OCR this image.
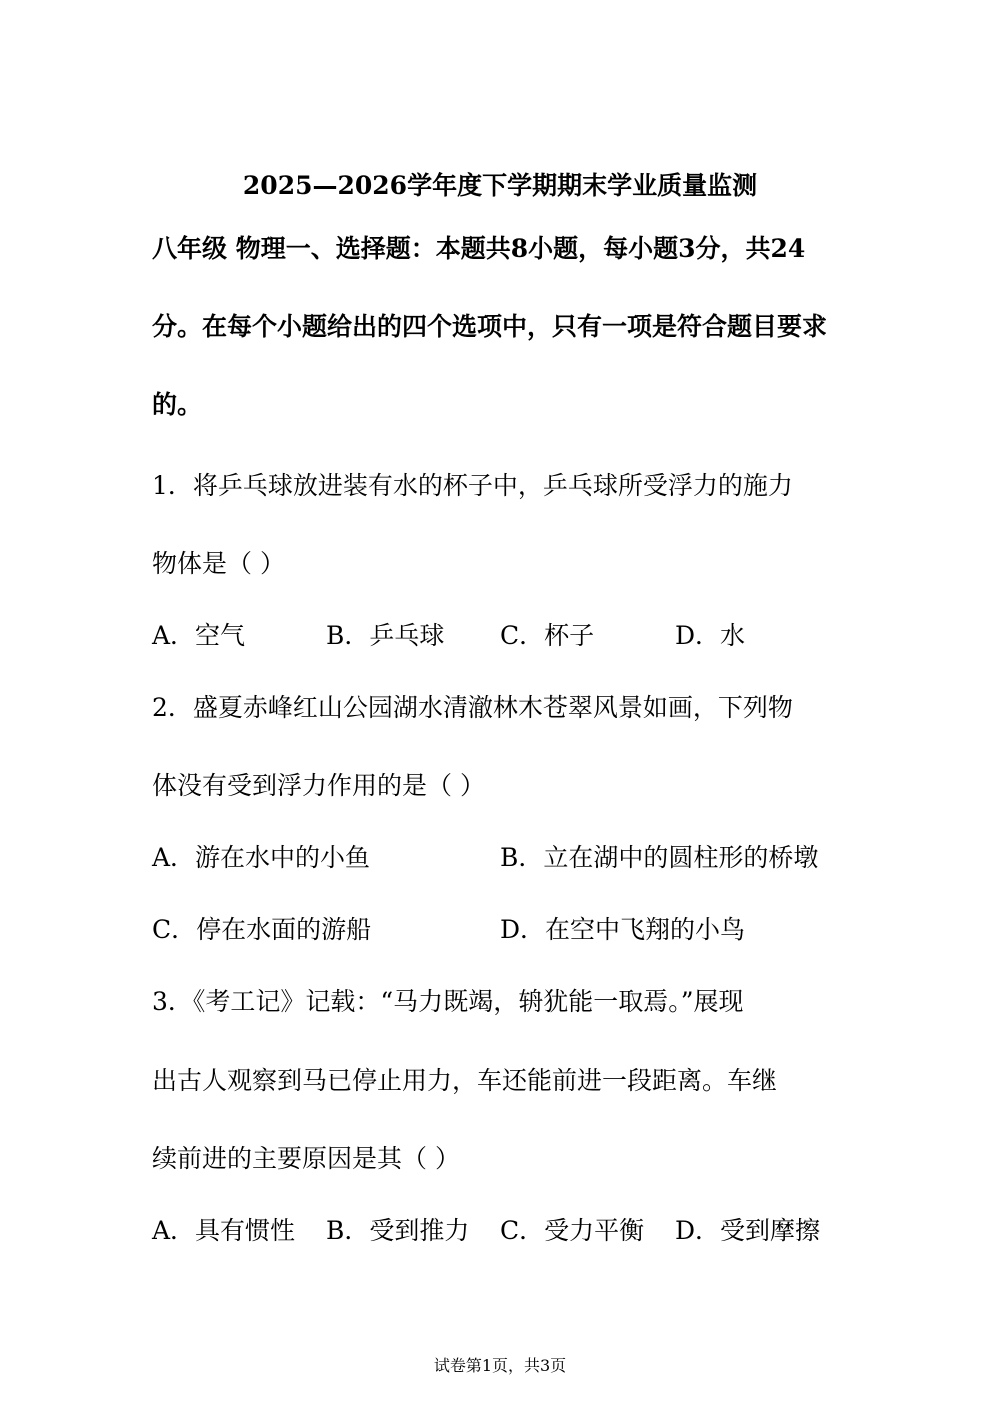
2025—2026学年度下学期期末学业质量监测
八年级 物理一、选择题：本题共8小题，每小题3分，共24分。在每个小题给出的四个选项中，只有一项是符合题目要求的。
1．将乒乓球放进装有水的杯子中，乒乓球所受浮力的施力
物体是（ ）
A．空气	B．乒乓球 C．杯子	D．水
2．盛夏赤峰红山公园湖水清澈林木苍翠风景如画，下列物
体没有受到浮力作用的是（ ）
A．游在水中的小鱼	B．立在湖中的圆柱形的桥墩
C．停在水面的游船	D．在空中飞翔的小鸟
3．《考工记》记载：“马力既竭，辀犹能一取焉。”展现
出古人观察到马已停止用力，车还能前进一段距离。车继
续前进的主要原因是其（ ）
A．具有惯性 B．受到推力 C．受力平衡 D．受到摩擦
试卷第1页，共3页
